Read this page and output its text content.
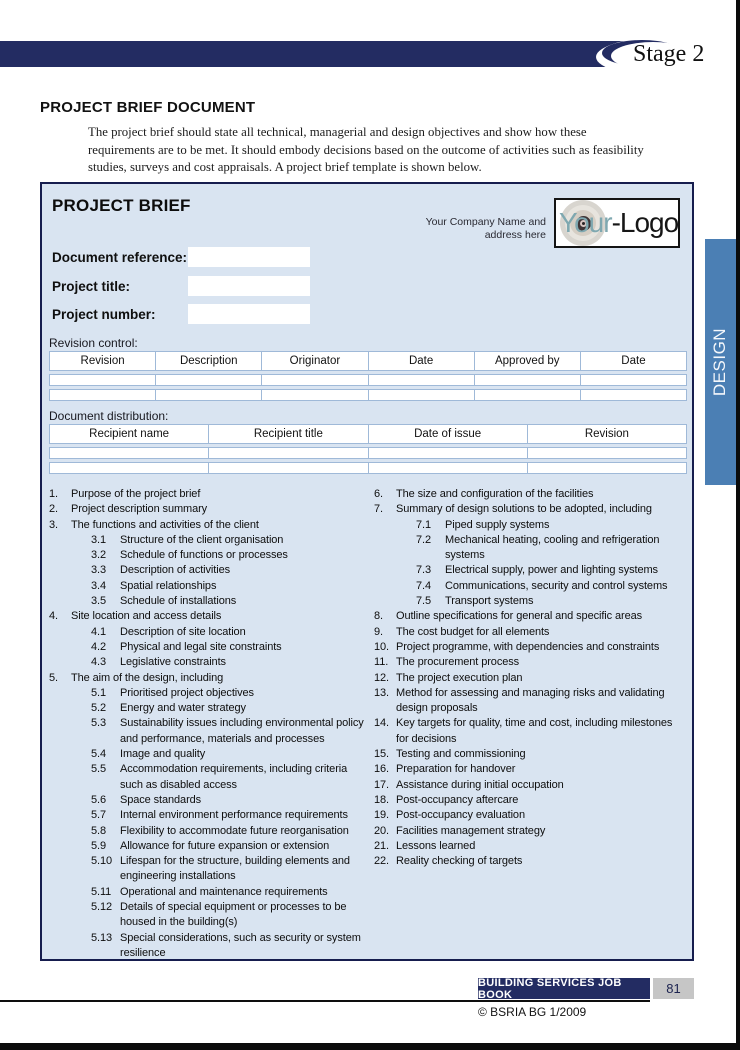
Stage 2
PROJECT BRIEF DOCUMENT

The project brief should state all technical, managerial and design objectives and show how these requirements are to be met. It should embody decisions based on the outcome of activities such as feasibility studies, surveys and cost appraisals. A project brief template is shown below.

PROJECT BRIEF
Your Company Name and
address here Your -Logo
Document reference:
Project title:
Project number:
Revision control:
Revision	Description	Originator	Date	Approved by	Date
Document distribution:
Recipient name	Recipient title	Date of issue	Revision
1.	Purpose of the project brief
2.	Project description summary
3.	The functions and activities of the client
3.1	Structure of the client organisation
3.2	Schedule of functions or processes
3.3	Description of activities
3.4	Spatial relationships
3.5	Schedule of installations
4.	Site location and access details
4.1	Description of site location
4.2	Physical and legal site constraints
4.3	Legislative constraints
5.	The aim of the design, including
5.1	Prioritised project objectives
5.2	Energy and water strategy
5.3	Sustainability issues including environmental policy and performance, materials and processes
5.4	Image and quality
5.5	Accommodation requirements, including criteria such as disabled access
5.6	Space standards
5.7	Internal environment performance requirements
5.8	Flexibility to accommodate future reorganisation
5.9	Allowance for future expansion or extension
5.10 Lifespan for the structure, building elements and engineering installations
5.11 Operational and maintenance requirements
5.12 Details of special equipment or processes to be housed in the building(s)
5.13 Special considerations, such as security or system resilience
6.	The size and configuration of the facilities
7.	Summary of design solutions to be adopted, including
7.1	Piped supply systems
7.2	Mechanical heating, cooling and refrigeration systems
7.3	Electrical supply, power and lighting systems
7.4	Communications, security and control systems
7.5	Transport systems
8.	Outline specifications for general and specific areas
9.	The cost budget for all elements
10. Project programme, with dependencies and constraints
11. The procurement process
12. The project execution plan
13. Method for assessing and managing risks and validating design proposals
14. Key targets for quality, time and cost, including milestones for decisions
15. Testing and commissioning
16. Preparation for handover
17. Assistance during initial occupation
18. Post-occupancy aftercare
19. Post-occupancy evaluation
20. Facilities management strategy
21. Lessons learned
22. Reality checking of targets
DESIGN
BUILDING SERVICES JOB BOOK	81
© BSRIA BG 1/2009
